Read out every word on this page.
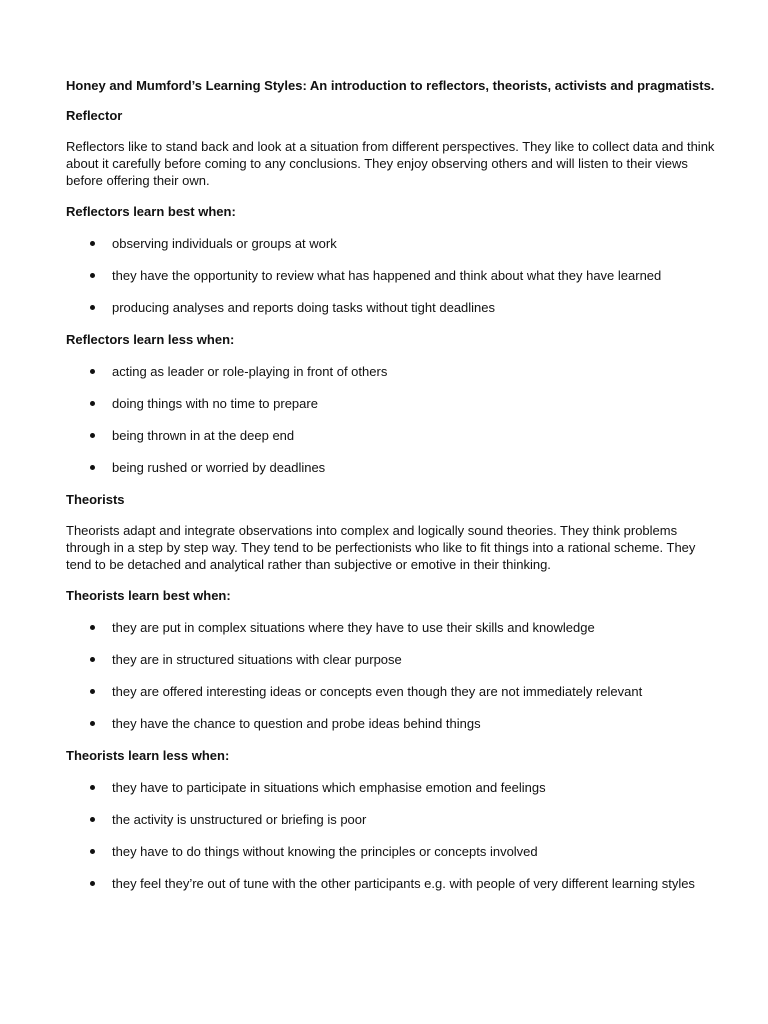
Honey and Mumford’s Learning Styles: An introduction to reflectors, theorists, activists and pragmatists.
Reflector

Reflectors like to stand back and look at a situation from different perspectives. They like to collect data and think about it carefully before coming to any conclusions. They enjoy observing others and will listen to their views before offering their own.

Reflectors learn best when:
observing individuals or groups at work
they have the opportunity to review what has happened and think about what they have learned
producing analyses and reports doing tasks without tight deadlines
Reflectors learn less when:
acting as leader or role-playing in front of others
doing things with no time to prepare
being thrown in at the deep end
being rushed or worried by deadlines
Theorists

Theorists adapt and integrate observations into complex and logically sound theories. They think problems through in a step by step way. They tend to be perfectionists who like to fit things into a rational scheme. They tend to be detached and analytical rather than subjective or emotive in their thinking.

Theorists learn best when:
they are put in complex situations where they have to use their skills and knowledge
they are in structured situations with clear purpose
they are offered interesting ideas or concepts even though they are not immediately relevant
they have the chance to question and probe ideas behind things
Theorists learn less when:
they have to participate in situations which emphasise emotion and feelings
the activity is unstructured or briefing is poor
they have to do things without knowing the principles or concepts involved
they feel they’re out of tune with the other participants e.g. with people of very different learning styles
